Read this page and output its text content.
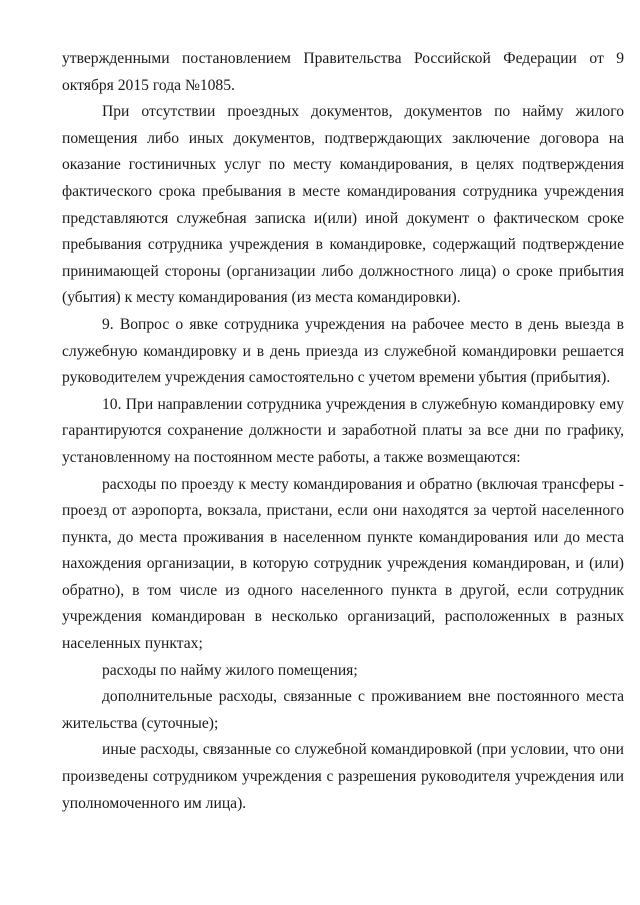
утвержденными постановлением Правительства Российской Федерации от 9 октября 2015 года №1085.

При отсутствии проездных документов, документов по найму жилого помещения либо иных документов, подтверждающих заключение договора на оказание гостиничных услуг по месту командирования, в целях подтверждения фактического срока пребывания в месте командирования сотрудника учреждения представляются служебная записка и(или) иной документ о фактическом сроке пребывания сотрудника учреждения в командировке, содержащий подтверждение принимающей стороны (организации либо должностного лица) о сроке прибытия (убытия) к месту командирования (из места командировки).

9. Вопрос о явке сотрудника учреждения на рабочее место в день выезда в служебную командировку и в день приезда из служебной командировки решается руководителем учреждения самостоятельно с учетом времени убытия (прибытия).

10. При направлении сотрудника учреждения в служебную командировку ему гарантируются сохранение должности и заработной платы за все дни по графику, установленному на постоянном месте работы, а также возмещаются:

расходы по проезду к месту командирования и обратно (включая трансферы - проезд от аэропорта, вокзала, пристани, если они находятся за чертой населенного пункта, до места проживания в населенном пункте командирования или до места нахождения организации, в которую сотрудник учреждения командирован, и (или) обратно), в том числе из одного населенного пункта в другой, если сотрудник учреждения командирован в несколько организаций, расположенных в разных населенных пунктах;

расходы по найму жилого помещения;

дополнительные расходы, связанные с проживанием вне постоянного места жительства (суточные);

иные расходы, связанные со служебной командировкой (при условии, что они произведены сотрудником учреждения с разрешения руководителя учреждения или уполномоченного им лица).
